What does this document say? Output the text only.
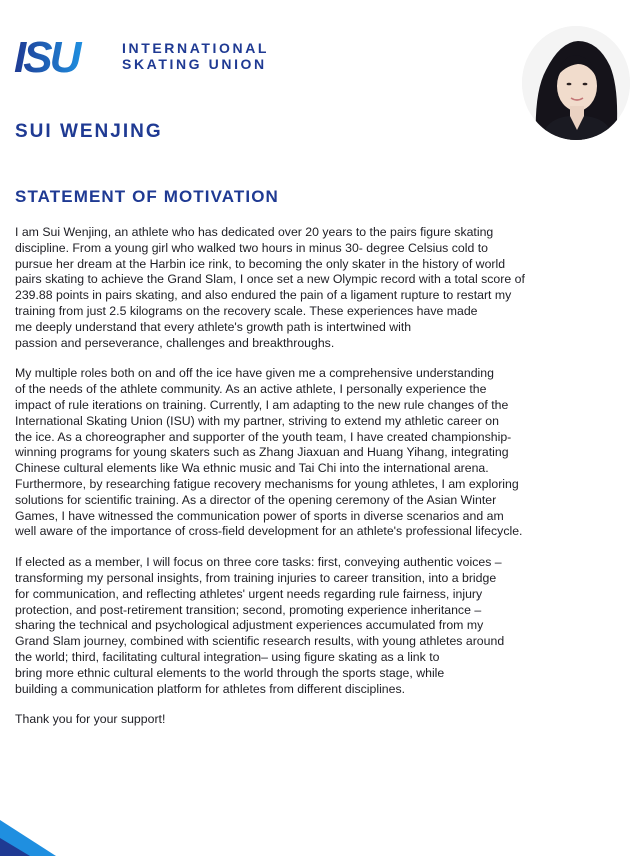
ISU	INTERNATIONAL
SKATING UNION
SUI WENJING
STATEMENT OF MOTIVATION

I am Sui Wenjing, an athlete who has dedicated over 20 years to the pairs figure skating
discipline. From a young girl who walked two hours in minus 30- degree Celsius cold to
pursue her dream at the Harbin ice rink, to becoming the only skater in the history of world
pairs skating to achieve the Grand Slam, I once set a new Olympic record with a total score of
239.88 points in pairs skating, and also endured the pain of a ligament rupture to restart my
training from just 2.5 kilograms on the recovery scale. These experiences have made
me deeply understand that every athlete's growth path is intertwined with
passion and perseverance, challenges and breakthroughs.

My multiple roles both on and off the ice have given me a comprehensive understanding
of the needs of the athlete community. As an active athlete, I personally experience the
impact of rule iterations on training. Currently, I am adapting to the new rule changes of the
International Skating Union (ISU) with my partner, striving to extend my athletic career on
the ice. As a choreographer and supporter of the youth team, I have created championship-
winning programs for young skaters such as Zhang Jiaxuan and Huang Yihang, integrating
Chinese cultural elements like Wa ethnic music and Tai Chi into the international arena.
Furthermore, by researching fatigue recovery mechanisms for young athletes, I am exploring
solutions for scientific training. As a director of the opening ceremony of the Asian Winter
Games, I have witnessed the communication power of sports in diverse scenarios and am
well aware of the importance of cross-field development for an athlete's professional lifecycle.

If elected as a member, I will focus on three core tasks: first, conveying authentic voices –
transforming my personal insights, from training injuries to career transition, into a bridge
for communication, and reflecting athletes' urgent needs regarding rule fairness, injury
protection, and post-retirement transition; second, promoting experience inheritance –
sharing the technical and psychological adjustment experiences accumulated from my
Grand Slam journey, combined with scientific research results, with young athletes around
the world; third, facilitating cultural integration– using figure skating as a link to
bring more ethnic cultural elements to the world through the sports stage, while
building a communication platform for athletes from different disciplines.

Thank you for your support!
